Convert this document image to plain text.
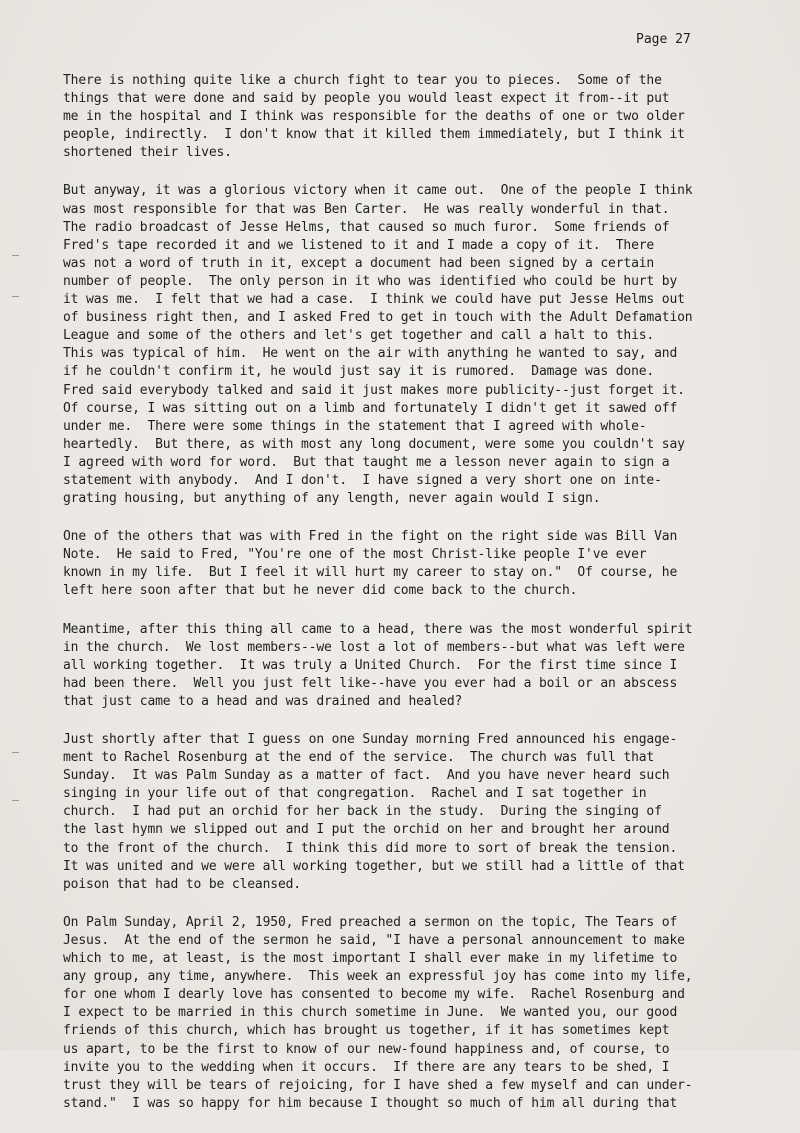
Page 27
There is nothing quite like a church fight to tear you to pieces.  Some of the
things that were done and said by people you would least expect it from--it put
me in the hospital and I think was responsible for the deaths of one or two older
people, indirectly.  I don't know that it killed them immediately, but I think it
shortened their lives.
But anyway, it was a glorious victory when it came out.  One of the people I think
was most responsible for that was Ben Carter.  He was really wonderful in that.
The radio broadcast of Jesse Helms, that caused so much furor.  Some friends of
Fred's tape recorded it and we listened to it and I made a copy of it.  There
was not a word of truth in it, except a document had been signed by a certain
number of people.  The only person in it who was identified who could be hurt by
it was me.  I felt that we had a case.  I think we could have put Jesse Helms out
of business right then, and I asked Fred to get in touch with the Adult Defamation
League and some of the others and let's get together and call a halt to this.
This was typical of him.  He went on the air with anything he wanted to say, and
if he couldn't confirm it, he would just say it is rumored.  Damage was done.
Fred said everybody talked and said it just makes more publicity--just forget it.
Of course, I was sitting out on a limb and fortunately I didn't get it sawed off
under me.  There were some things in the statement that I agreed with whole-
heartedly.  But there, as with most any long document, were some you couldn't say
I agreed with word for word.  But that taught me a lesson never again to sign a
statement with anybody.  And I don't.  I have signed a very short one on inte-
grating housing, but anything of any length, never again would I sign.
One of the others that was with Fred in the fight on the right side was Bill Van
Note.  He said to Fred, "You're one of the most Christ-like people I've ever
known in my life.  But I feel it will hurt my career to stay on."  Of course, he
left here soon after that but he never did come back to the church.
Meantime, after this thing all came to a head, there was the most wonderful spirit
in the church.  We lost members--we lost a lot of members--but what was left were
all working together.  It was truly a United Church.  For the first time since I
had been there.  Well you just felt like--have you ever had a boil or an abscess
that just came to a head and was drained and healed?
Just shortly after that I guess on one Sunday morning Fred announced his engage-
ment to Rachel Rosenburg at the end of the service.  The church was full that
Sunday.  It was Palm Sunday as a matter of fact.  And you have never heard such
singing in your life out of that congregation.  Rachel and I sat together in
church.  I had put an orchid for her back in the study.  During the singing of
the last hymn we slipped out and I put the orchid on her and brought her around
to the front of the church.  I think this did more to sort of break the tension.
It was united and we were all working together, but we still had a little of that
poison that had to be cleansed.
On Palm Sunday, April 2, 1950, Fred preached a sermon on the topic, The Tears of
Jesus.  At the end of the sermon he said, "I have a personal announcement to make
which to me, at least, is the most important I shall ever make in my lifetime to
any group, any time, anywhere.  This week an expressful joy has come into my life,
for one whom I dearly love has consented to become my wife.  Rachel Rosenburg and
I expect to be married in this church sometime in June.  We wanted you, our good
friends of this church, which has brought us together, if it has sometimes kept
us apart, to be the first to know of our new-found happiness and, of course, to
invite you to the wedding when it occurs.  If there are any tears to be shed, I
trust they will be tears of rejoicing, for I have shed a few myself and can under-
stand."  I was so happy for him because I thought so much of him all during that
